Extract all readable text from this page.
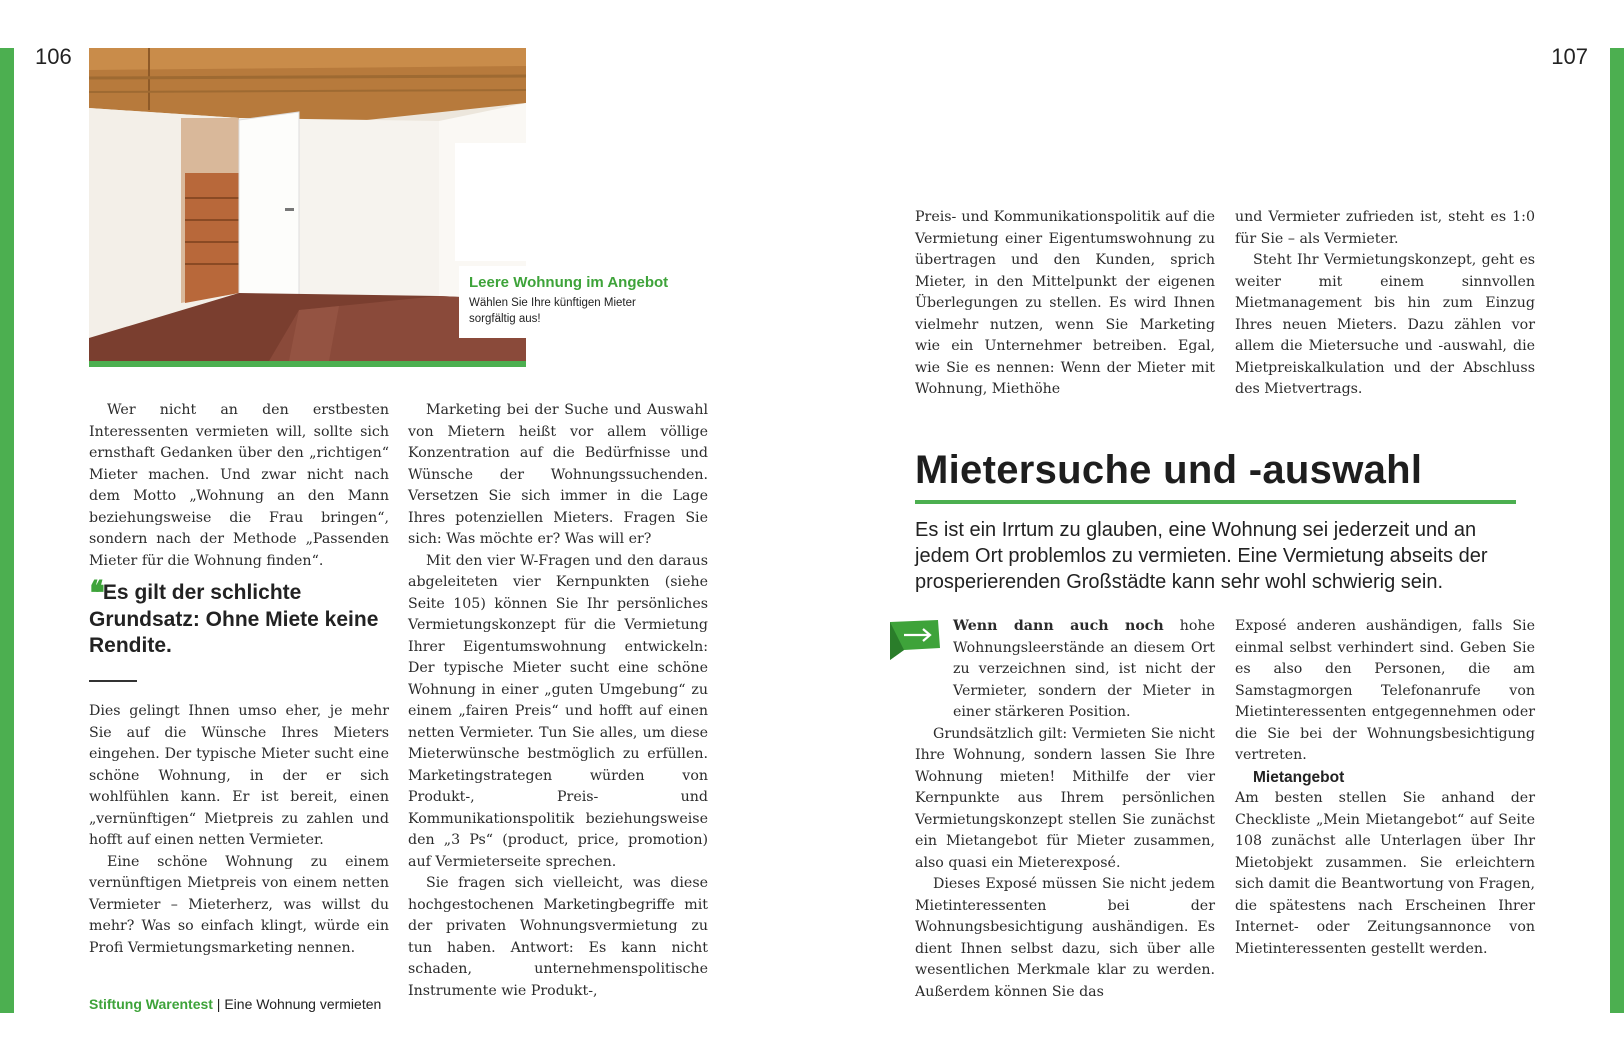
106	107
Leere Wohnung im Angebot
Wählen Sie Ihre künftigen Mieter sorgfältig aus!

Wer nicht an den erstbesten Interessenten vermieten will, sollte sich ernsthaft Gedanken über den „richtigen“ Mieter machen. Und zwar nicht nach dem Motto „Wohnung an den Mann beziehungsweise die Frau bringen“, sondern nach der Methode „Passenden Mieter für die Wohnung finden“.

❛❛ Es gilt der schlichte Grundsatz: Ohne Miete keine Rendite.

Dies gelingt Ihnen umso eher, je mehr Sie auf die Wünsche Ihres Mieters eingehen. Der typische Mieter sucht eine schöne Wohnung, in der er sich wohlfühlen kann. Er ist bereit, einen „vernünftigen“ Mietpreis zu zahlen und hofft auf einen netten Vermieter.

Eine schöne Wohnung zu einem vernünftigen Mietpreis von einem netten Vermieter – Mieterherz, was willst du mehr? Was so einfach klingt, würde ein Profi Vermietungsmarketing nennen.

Marketing bei der Suche und Auswahl von Mietern heißt vor allem völlige Konzentration auf die Bedürfnisse und Wünsche der Wohnungssuchenden. Versetzen Sie sich immer in die Lage Ihres potenziellen Mieters. Fragen Sie sich: Was möchte er? Was will er?

Mit den vier W-Fragen und den daraus abgeleiteten vier Kernpunkten (siehe Seite 105) können Sie Ihr persönliches Vermietungskonzept für die Vermietung Ihrer Eigentumswohnung entwickeln: Der typische Mieter sucht eine schöne Wohnung in einer „guten Umgebung“ zu einem „fairen Preis“ und hofft auf einen netten Vermieter. Tun Sie alles, um diese Mieterwünsche bestmöglich zu erfüllen. Marketingstrategen würden von Produkt-, Preis- und Kommunikationspolitik beziehungsweise den „3 Ps“ (product, price, promotion) auf Vermieterseite sprechen.

Sie fragen sich vielleicht, was diese hochgestochenen Marketingbegriffe mit der privaten Wohnungsvermietung zu tun haben. Antwort: Es kann nicht schaden, unternehmenspolitische Instrumente wie Produkt-,

Preis- und Kommunikationspolitik auf die Vermietung einer Eigentumswohnung zu übertragen und den Kunden, sprich Mieter, in den Mittelpunkt der eigenen Überlegungen zu stellen. Es wird Ihnen vielmehr nutzen, wenn Sie Marketing wie ein Unternehmer betreiben. Egal, wie Sie es nennen: Wenn der Mieter mit Wohnung, Miethöhe

und Vermieter zufrieden ist, steht es 1:0 für Sie – als Vermieter.

Steht Ihr Vermietungskonzept, geht es weiter mit einem sinnvollen Mietmanagement bis hin zum Einzug Ihres neuen Mieters. Dazu zählen vor allem die Mietersuche und -auswahl, die Mietpreiskalkulation und der Abschluss des Mietvertrags.

Mietersuche und -auswahl
Es ist ein Irrtum zu glauben, eine Wohnung sei jederzeit und an jedem Ort problemlos zu vermieten. Eine Vermietung abseits der prosperierenden Großstädte kann sehr wohl schwierig sein.

Wenn dann auch noch hohe Wohnungsleerstände an diesem Ort zu verzeichnen sind, ist nicht der Vermieter, sondern der Mieter in einer stärkeren Position.

Grundsätzlich gilt: Vermieten Sie nicht Ihre Wohnung, sondern lassen Sie Ihre Wohnung mieten! Mithilfe der vier Kernpunkte aus Ihrem persönlichen Vermietungskonzept stellen Sie zunächst ein Mietangebot für Mieter zusammen, also quasi ein Mieterexposé.

Dieses Exposé müssen Sie nicht jedem Mietinteressenten bei der Wohnungsbesichtigung aushändigen. Es dient Ihnen selbst dazu, sich über alle wesentlichen Merkmale klar zu werden. Außerdem können Sie das

Exposé anderen aushändigen, falls Sie einmal selbst verhindert sind. Geben Sie es also den Personen, die am Samstagmorgen Telefonanrufe von Mietinteressenten entgegennehmen oder die Sie bei der Wohnungsbesichtigung vertreten.

Mietangebot

Am besten stellen Sie anhand der Checkliste „Mein Mietangebot“ auf Seite 108 zunächst alle Unterlagen über Ihr Mietobjekt zusammen. Sie erleichtern sich damit die Beantwortung von Fragen, die spätestens nach Erscheinen Ihrer Internet- oder Zeitungsannonce von Mietinteressenten gestellt werden.

Stiftung Warentest | Eine Wohnung vermieten
